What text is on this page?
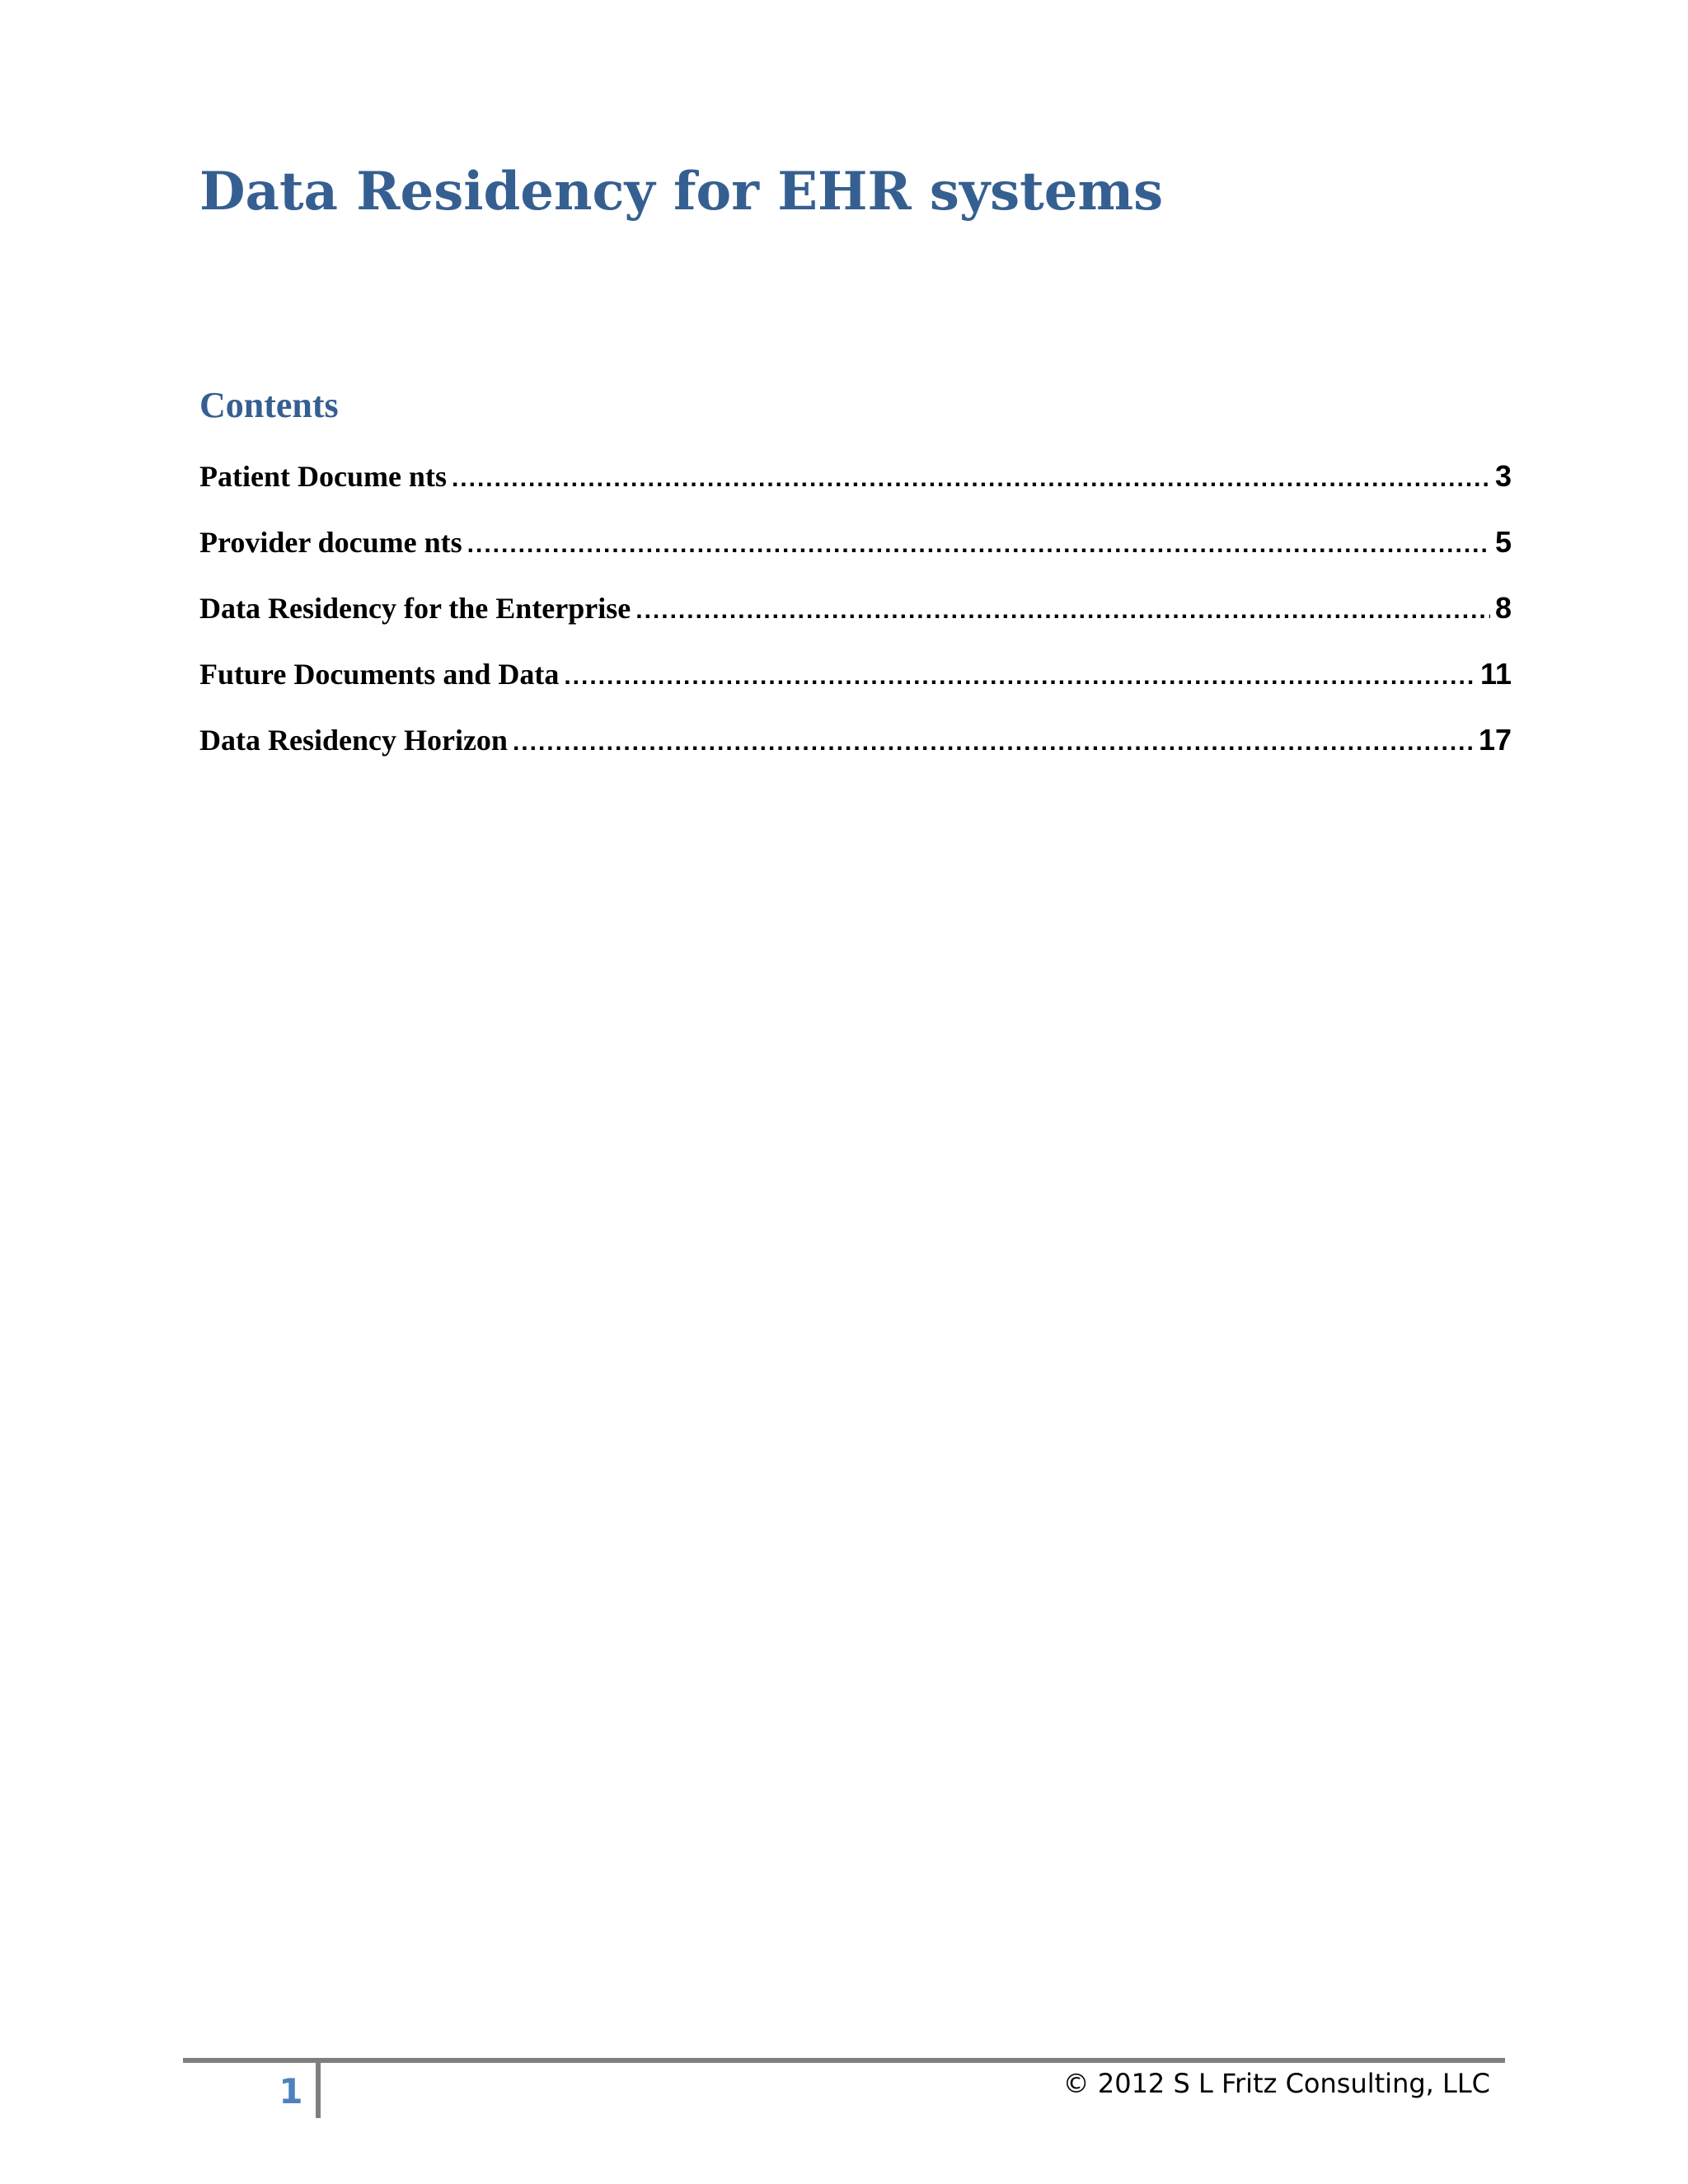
Data Residency for EHR systems
Contents
Patient Docume nts .....	3
Provider docume nts .....	5
Data Residency for the Enterprise .....	8
Future Documents and Data .....	11
Data Residency Horizon .....	17
1	© 2012 S L Fritz Consulting, LLC
